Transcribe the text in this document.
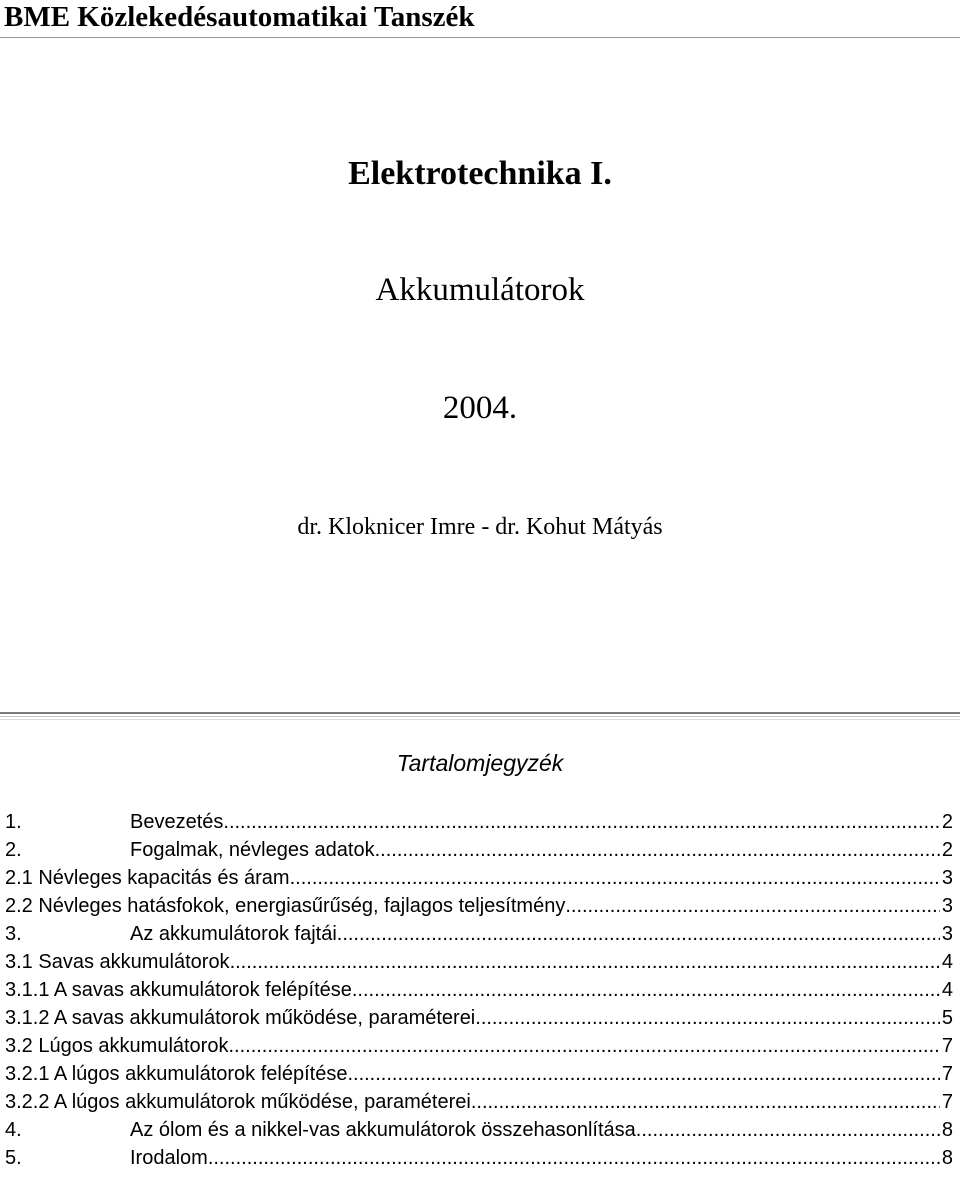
BME Közlekedésautomatikai Tanszék
Elektrotechnika I.
Akkumulátorok
2004.
dr. Kloknicer Imre - dr. Kohut Mátyás
Tartalomjegyzék
1.	Bevezetés .....	2
2.	Fogalmak, névleges adatok .....	2
2.1 Névleges kapacitás és áram .....	3
2.2 Névleges hatásfokok, energiasűrűség, fajlagos teljesítmény .....	3
3.	Az akkumulátorok fajtái .....	3
3.1 Savas akkumulátorok .....	4
3.1.1 A savas akkumulátorok felépítése .....	4
3.1.2 A savas akkumulátorok működése, paraméterei .....	5
3.2 Lúgos akkumulátorok .....	7
3.2.1 A lúgos akkumulátorok felépítése .....	7
3.2.2 A lúgos akkumulátorok működése, paraméterei .....	7
4.	Az ólom és a nikkel-vas akkumulátorok összehasonlítása .....	8
5.	Irodalom .....	8
